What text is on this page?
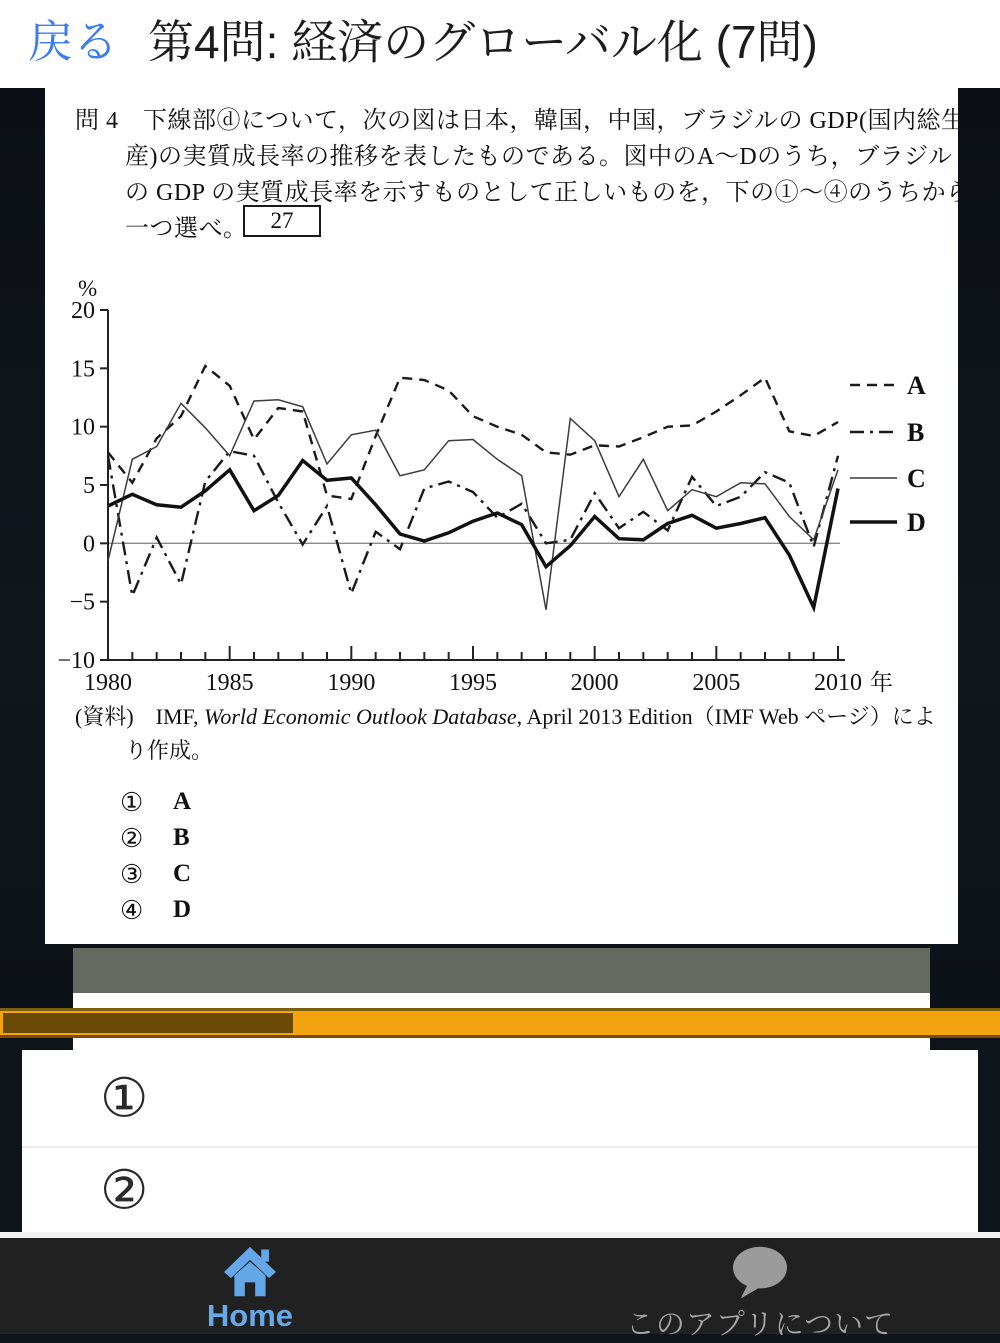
戻る 第4問: 経済のグローバル化 (7問)
問 4　下線部ⓓについて，次の図は日本，韓国，中国，ブラジルの GDP(国内総生
産)の実質成長率の推移を表したものである。図中のA～Dのうち，ブラジル
の GDP の実質成長率を示すものとして正しいものを，下の①～④のうちから
一つ選べ。	27
20
15
10
5
0
−5
−10
%
1980	1985	1990	1995	2000	2005	2010 年
A
B
C
D
(資料)　IMF, World Economic Outlook Database, April 2013 Edition（IMF Web ページ）によ
り作成。
① A
② B
③ C
④ D
①
②
Home	このアプリについて
